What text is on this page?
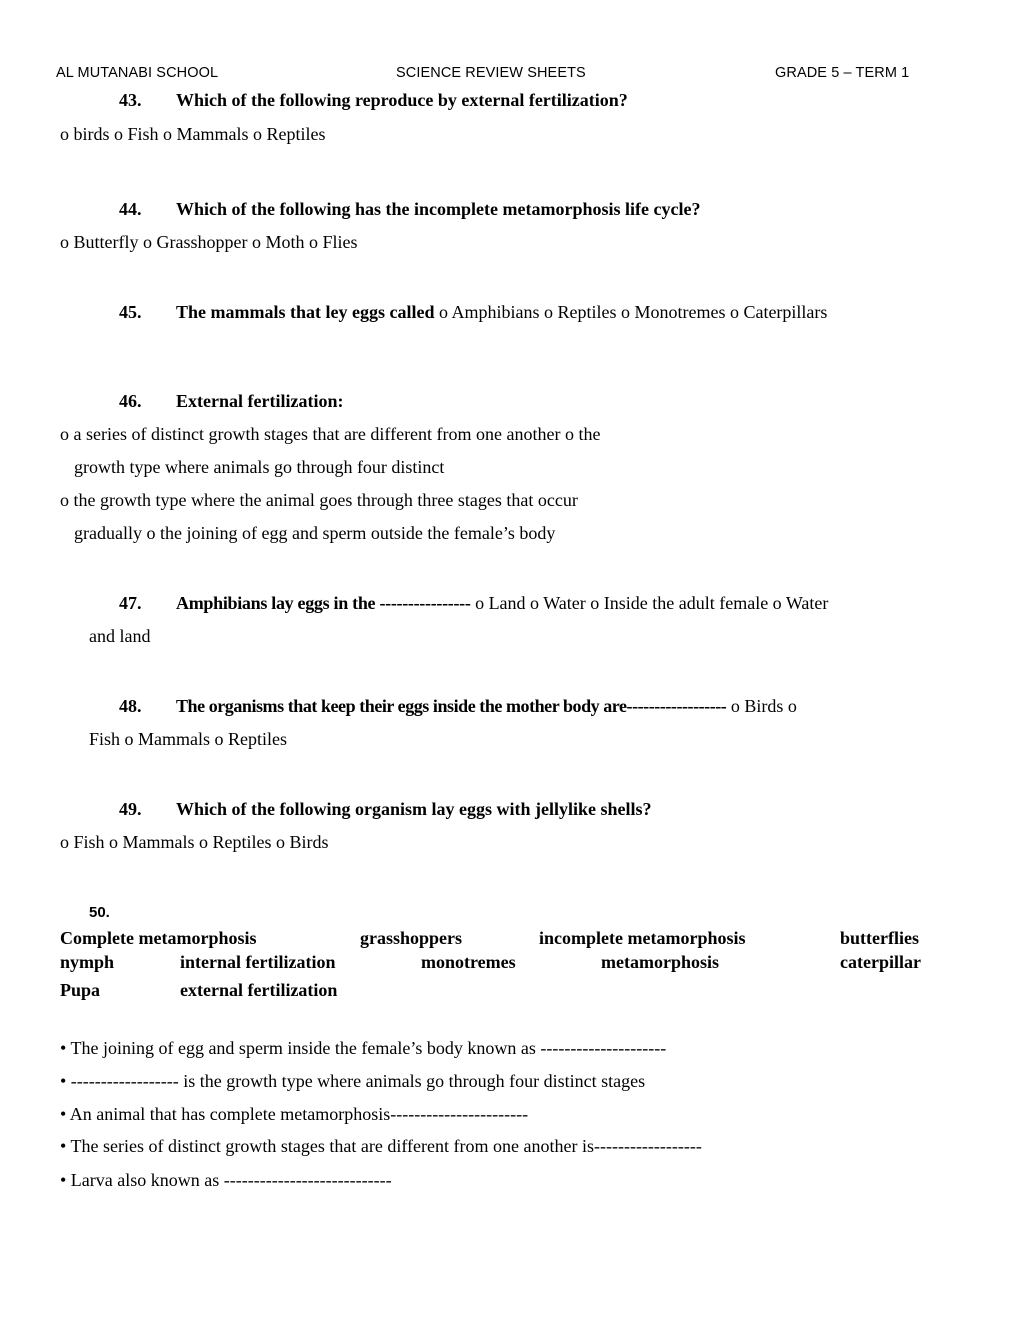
AL MUTANABI SCHOOL	SCIENCE REVIEW SHEETS	GRADE 5 – TERM 1
43. Which of the following reproduce by external fertilization?
o birds o Fish o Mammals o Reptiles
44. Which of the following has the incomplete metamorphosis life cycle?
o Butterfly o Grasshopper o Moth o Flies
45. The mammals that ley eggs called o Amphibians o Reptiles o Monotremes o Caterpillars
46. External fertilization:
o a series of distinct growth stages that are different from one another o the
growth type where animals go through four distinct
o the growth type where the animal goes through three stages that occur
gradually o the joining of egg and sperm outside the female’s body
47. Amphibians lay eggs in the ---------------- o Land o Water o Inside the adult female o Water
and land
48. The organisms that keep their eggs inside the mother body are------------------ o Birds o
Fish o Mammals o Reptiles
49. Which of the following organism lay eggs with jellylike shells?
o Fish o Mammals o Reptiles o Birds
50.
Complete metamorphosis	grasshoppers	incomplete metamorphosis	butterflies
nymph	internal fertilization	monotremes	metamorphosis	caterpillar
Pupa	external fertilization
• The joining of egg and sperm inside the female’s body known as ---------------------
• ------------------ is the growth type where animals go through four distinct stages
• An animal that has complete metamorphosis-----------------------
• The series of distinct growth stages that are different from one another is------------------
• Larva also known as ----------------------------
